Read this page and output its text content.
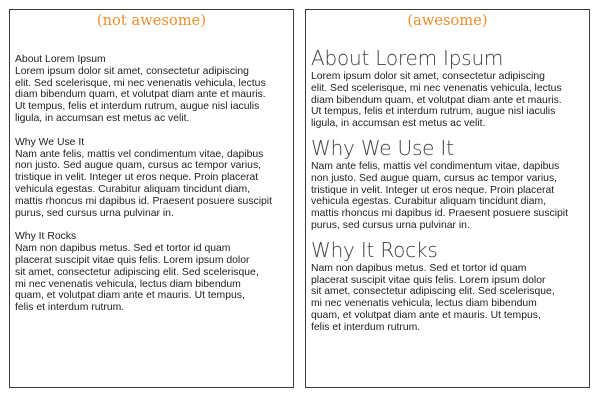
(not awesome)
About Lorem Ipsum

Lorem ipsum dolor sit amet, consectetur adipiscing
elit. Sed scelerisque, mi nec venenatis vehicula, lectus
diam bibendum quam, et volutpat diam ante et mauris.
Ut tempus, felis et interdum rutrum, augue nisl iaculis
ligula, in accumsan est metus ac velit.

Why We Use It

Nam ante felis, mattis vel condimentum vitae, dapibus
non justo. Sed augue quam, cursus ac tempor varius,
tristique in velit. Integer ut eros neque. Proin placerat
vehicula egestas. Curabitur aliquam tincidunt diam,
mattis rhoncus mi dapibus id. Praesent posuere suscipit
purus, sed cursus urna pulvinar in.

Why It Rocks

Nam non dapibus metus. Sed et tortor id quam
placerat suscipit vitae quis felis. Lorem ipsum dolor
sit amet, consectetur adipiscing elit. Sed scelerisque,
mi nec venenatis vehicula, lectus diam bibendum
quam, et volutpat diam ante et mauris. Ut tempus,
felis et interdum rutrum.

(awesome)
About Lorem Ipsum

Lorem ipsum dolor sit amet, consectetur adipiscing
elit. Sed scelerisque, mi nec venenatis vehicula, lectus
diam bibendum quam, et volutpat diam ante et mauris.
Ut tempus, felis et interdum rutrum, augue nisl iaculis
ligula, in accumsan est metus ac velit.

Why We Use It

Nam ante felis, mattis vel condimentum vitae, dapibus
non justo. Sed augue quam, cursus ac tempor varius,
tristique in velit. Integer ut eros neque. Proin placerat
vehicula egestas. Curabitur aliquam tincidunt diam,
mattis rhoncus mi dapibus id. Praesent posuere suscipit
purus, sed cursus urna pulvinar in.

Why It Rocks

Nam non dapibus metus. Sed et tortor id quam
placerat suscipit vitae quis felis. Lorem ipsum dolor
sit amet, consectetur adipiscing elit. Sed scelerisque,
mi nec venenatis vehicula, lectus diam bibendum
quam, et volutpat diam ante et mauris. Ut tempus,
felis et interdum rutrum.
